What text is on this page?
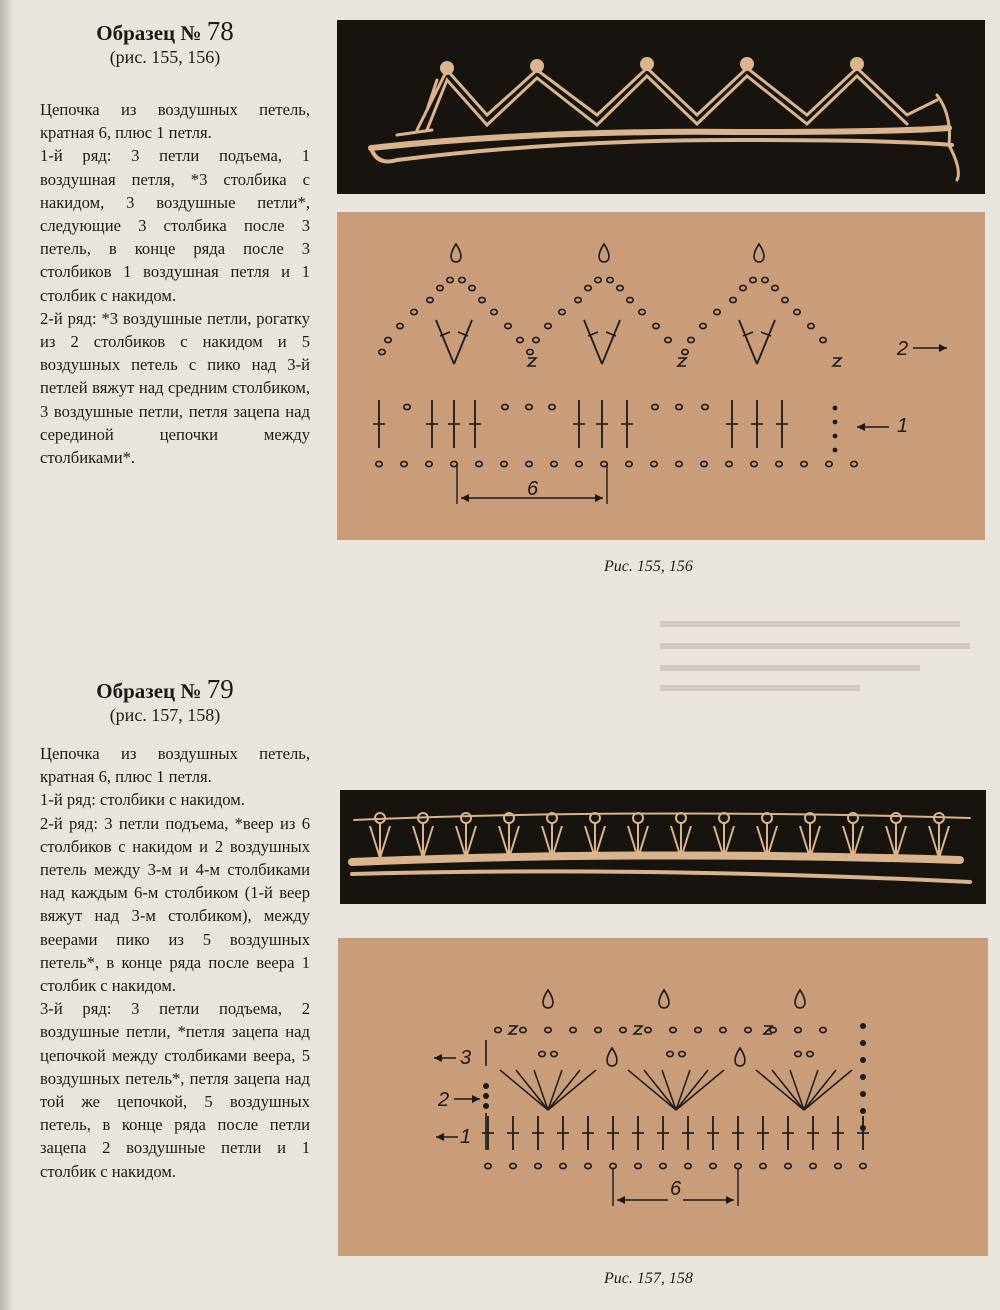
Образец № 78
(рис. 155, 156)

Цепочка из воздушных петель, кратная 6, плюс 1 петля.

1-й ряд: 3 петли подъема, 1 воздушная петля, *3 столбика с накидом, 3 воздушные петли*, следующие 3 столбика после 3 петель, в конце ряда после 3 столбиков 1 воздушная петля и 1 столбик с накидом.

2-й ряд: *3 воздушные петли, рогатку из 2 столбиков с накидом и 5 воздушных петель с пико над 3-й петлей вяжут над средним столбиком, 3 воздушные петли, петля зацепа над серединой цепочки между столбиками*.

Образец № 79
(рис. 157, 158)

Цепочка из воздушных петель, кратная 6, плюс 1 петля.

1-й ряд: столбики с накидом.

2-й ряд: 3 петли подъема, *веер из 6 столбиков с накидом и 2 воздушных петель между 3-м и 4-м столбиками над каждым 6-м столбиком (1-й веер вяжут над 3-м столбиком), между веерами пико из 5 воздушных петель*, в конце ряда после веера 1 столбик с накидом.

3-й ряд: 3 петли подъема, 2 воздушные петли, *петля зацепа над цепочкой между столбиками веера, 5 воздушных петель*, петля зацепа над той же цепочкой, 5 воздушных петель, в конце ряда после петли зацепа 2 воздушные петли и 1 столбик с накидом.

6
2
1
Рис. 155, 156
6
3
2
1
Рис. 157, 158
